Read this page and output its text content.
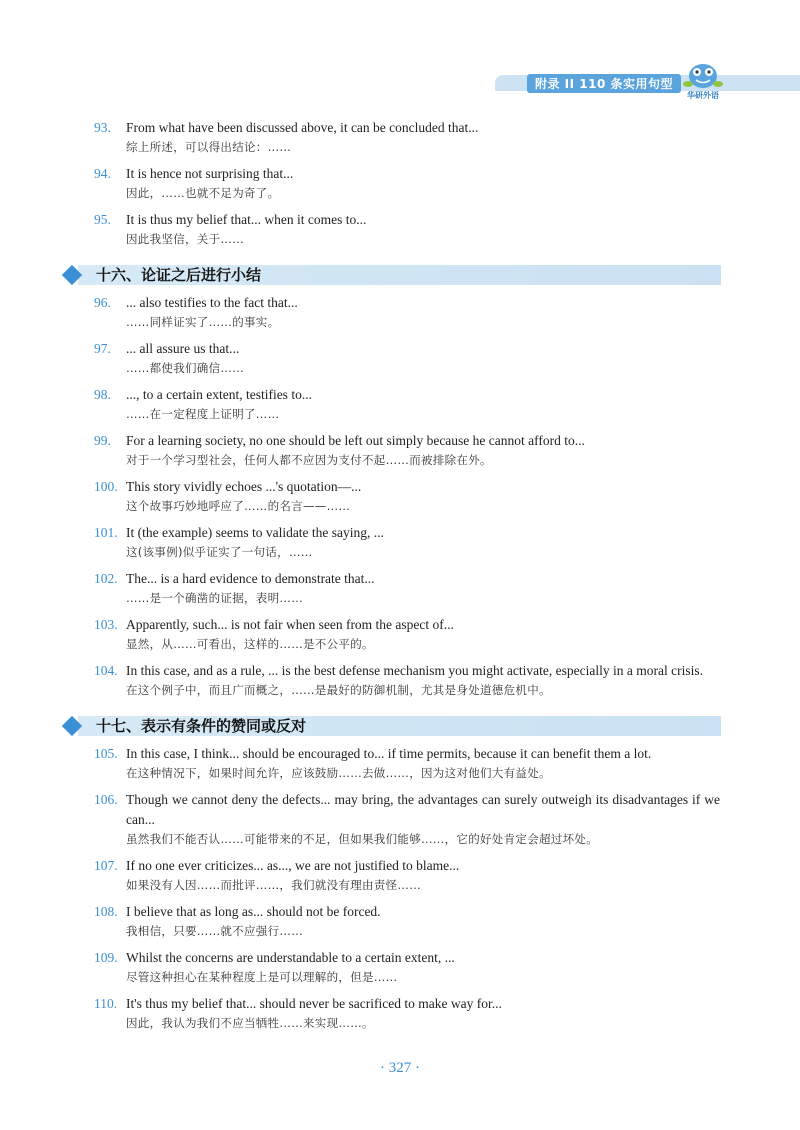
附录 II 110 条实用句型
华研外语
93.	From what have been discussed above, it can be concluded that...
综上所述，可以得出结论：……
94.	It is hence not surprising that...
因此，……也就不足为奇了。
95.	It is thus my belief that... when it comes to...
因此我坚信，关于……
十六、论证之后进行小结
96.	... also testifies to the fact that...
……同样证实了……的事实。
97.	... all assure us that...
……都使我们确信……
98.	..., to a certain extent, testifies to...
……在一定程度上证明了……
99.	For a learning society, no one should be left out simply because he cannot afford to...
对于一个学习型社会，任何人都不应因为支付不起……而被排除在外。
100. This story vividly echoes ...'s quotation—...
这个故事巧妙地呼应了……的名言——……
101. It (the example) seems to validate the saying, ...
这(该事例)似乎证实了一句话，……
102. The... is a hard evidence to demonstrate that...
……是一个确凿的证据，表明……
103. Apparently, such... is not fair when seen from the aspect of...
显然，从……可看出，这样的……是不公平的。
104. In this case, and as a rule, ... is the best defense mechanism you might activate, especially in a moral crisis.
在这个例子中，而且广而概之，……是最好的防御机制，尤其是身处道德危机中。
十七、表示有条件的赞同或反对
105. In this case, I think... should be encouraged to... if time permits, because it can benefit them a lot.
在这种情况下，如果时间允许，应该鼓励……去做……，因为这对他们大有益处。
106. Though we cannot deny the defects... may bring, the advantages can surely outweigh its disadvantages if we can...
虽然我们不能否认……可能带来的不足，但如果我们能够……，它的好处肯定会超过坏处。
107. If no one ever criticizes... as..., we are not justified to blame...
如果没有人因……而批评……，我们就没有理由责怪……
108. I believe that as long as... should not be forced.
我相信，只要……就不应强行……
109. Whilst the concerns are understandable to a certain extent, ...
尽管这种担心在某种程度上是可以理解的，但是……
110. It's thus my belief that... should never be sacrificed to make way for...
因此，我认为我们不应当牺牲……来实现……。
· 327 ·
